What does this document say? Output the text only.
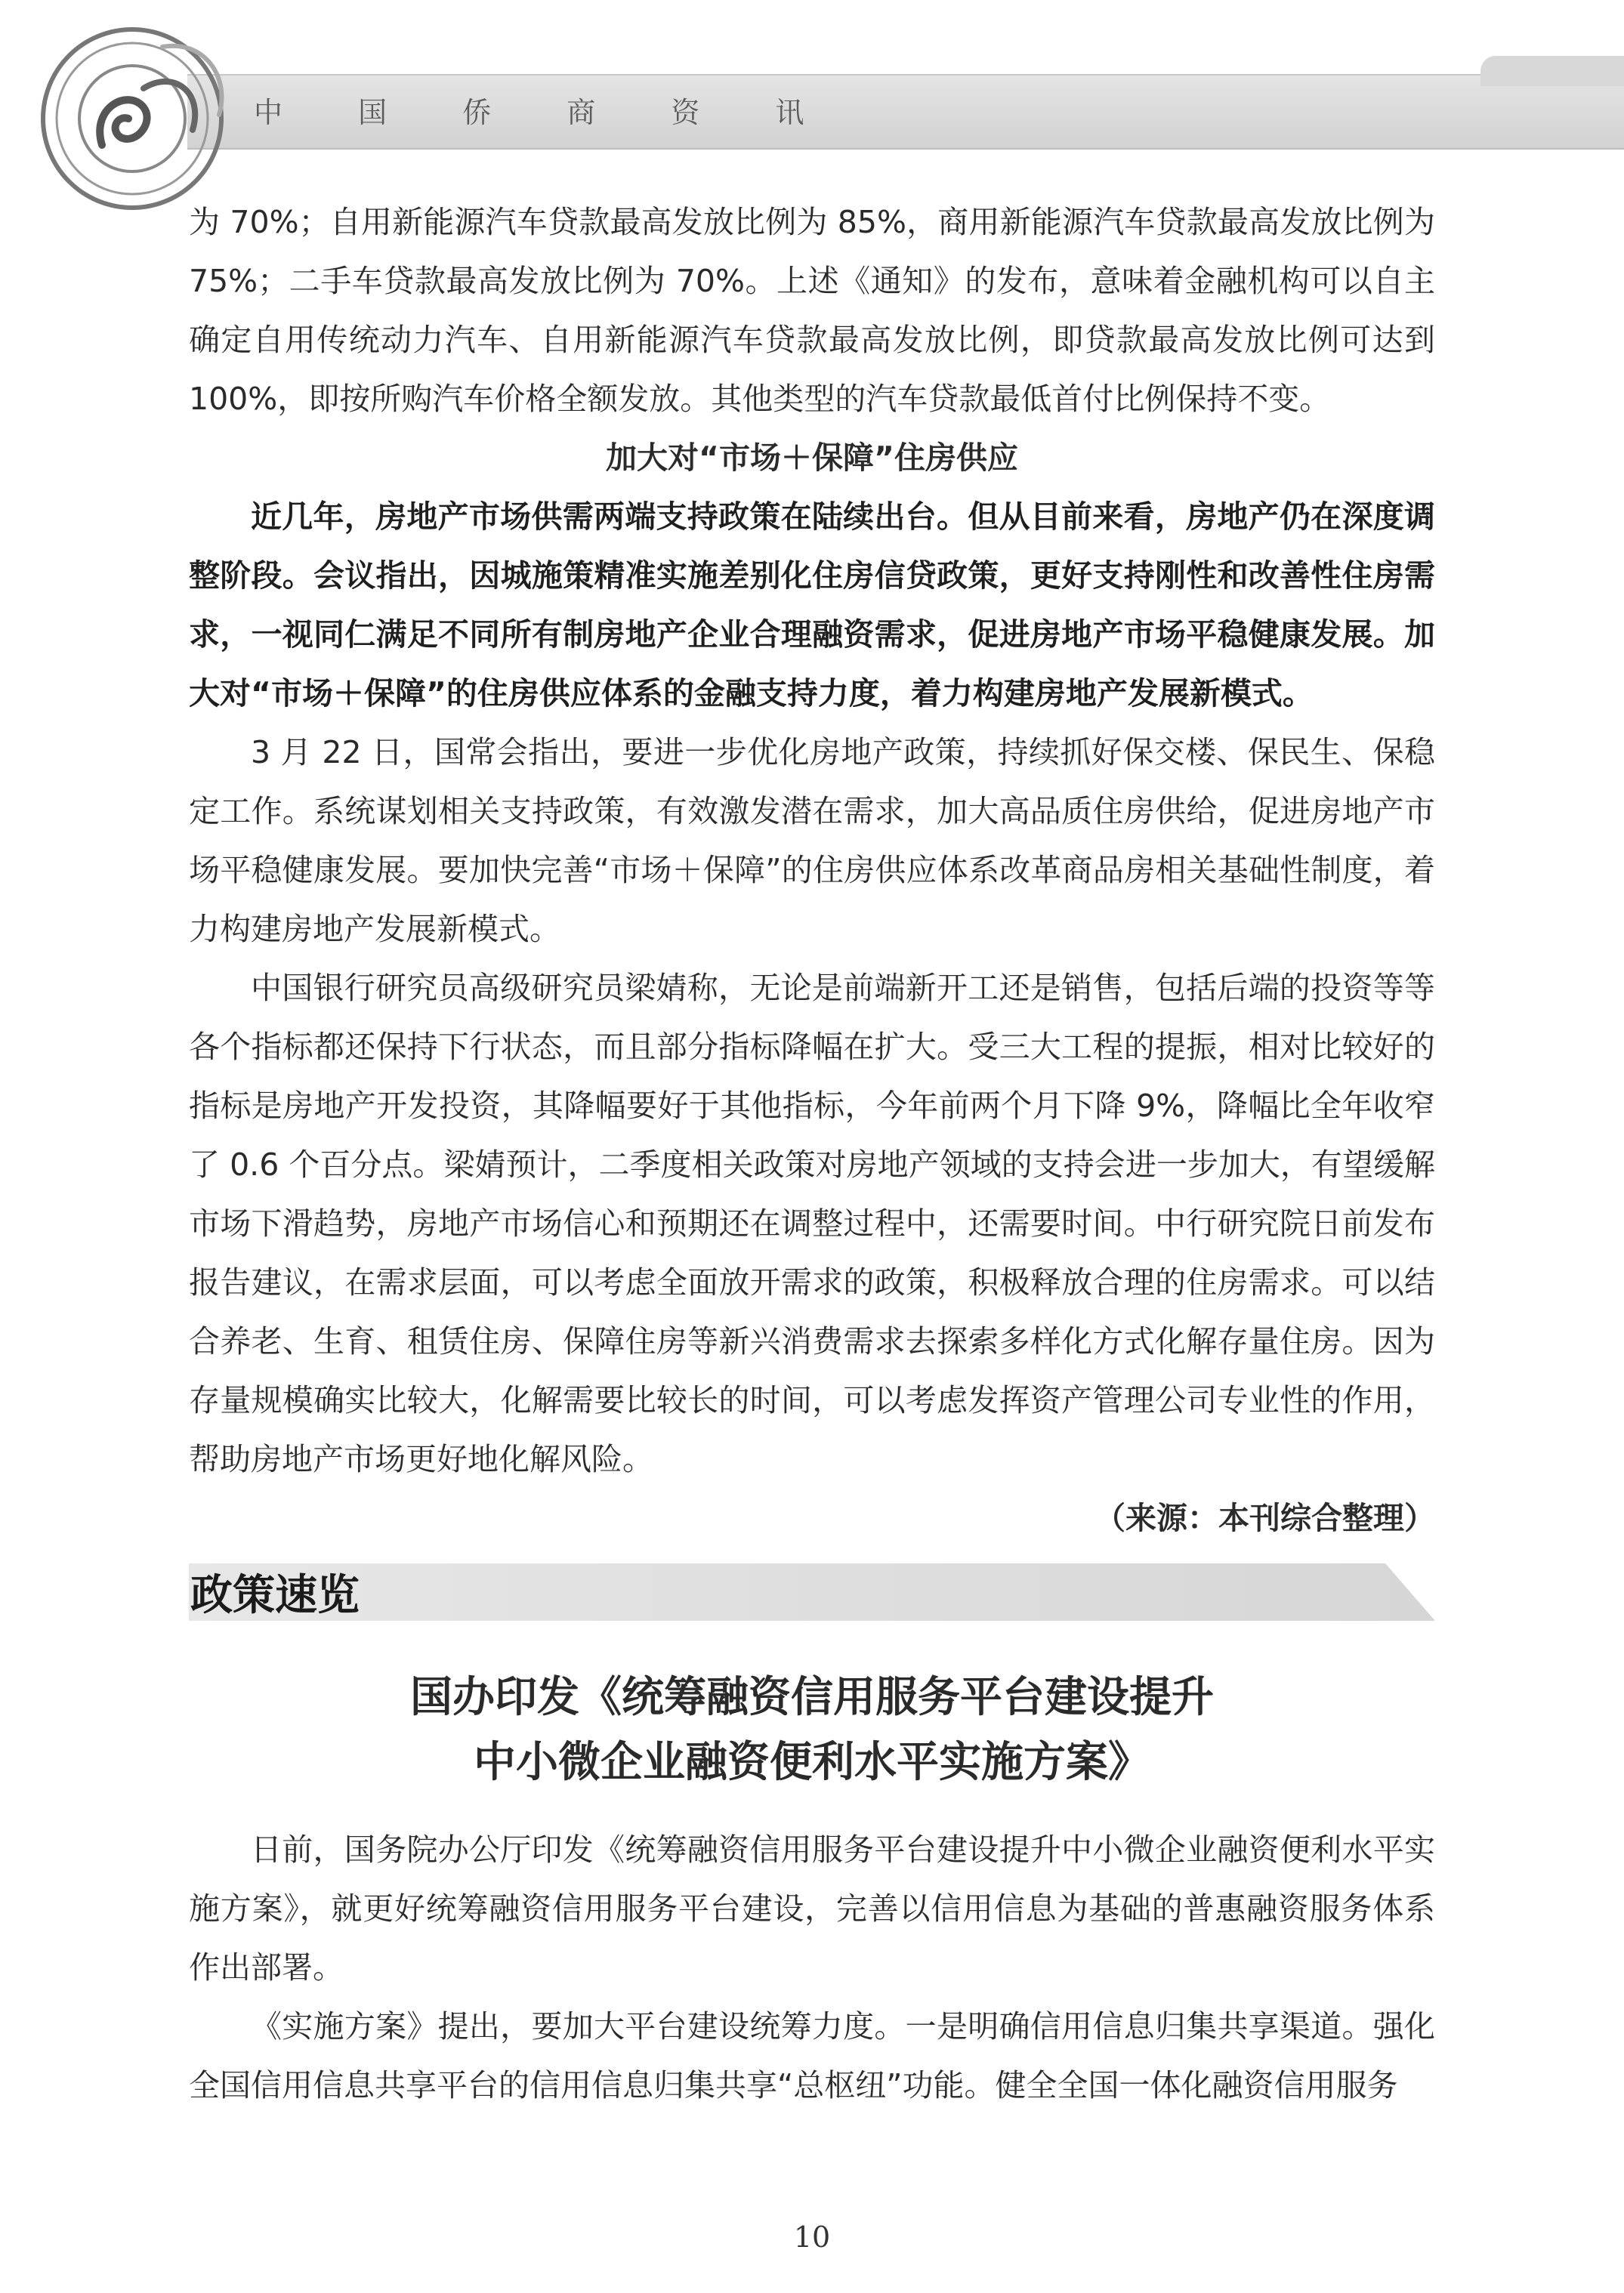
中 国 侨 商 资 讯

为 70%；自用新能源汽车贷款最高发放比例为 85%，商用新能源汽车贷款最高发放比例为 75%；二手车贷款最高发放比例为 70%。上述《通知》的发布，意味着金融机构可以自主确定自用传统动力汽车、自用新能源汽车贷款最高发放比例，即贷款最高发放比例可达到 100%，即按所购汽车价格全额发放。其他类型的汽车贷款最低首付比例保持不变。

加大对“市场＋保障”住房供应

近几年，房地产市场供需两端支持政策在陆续出台。但从目前来看，房地产仍在深度调整阶段。会议指出，因城施策精准实施差别化住房信贷政策，更好支持刚性和改善性住房需求，一视同仁满足不同所有制房地产企业合理融资需求，促进房地产市场平稳健康发展。加大对“市场＋保障”的住房供应体系的金融支持力度，着力构建房地产发展新模式。

3 月 22 日，国常会指出，要进一步优化房地产政策，持续抓好保交楼、保民生、保稳定工作。系统谋划相关支持政策，有效激发潜在需求，加大高品质住房供给，促进房地产市场平稳健康发展。要加快完善“市场＋保障”的住房供应体系改革商品房相关基础性制度，着力构建房地产发展新模式。

中国银行研究员高级研究员梁婧称，无论是前端新开工还是销售，包括后端的投资等等各个指标都还保持下行状态，而且部分指标降幅在扩大。受三大工程的提振，相对比较好的指标是房地产开发投资，其降幅要好于其他指标，今年前两个月下降 9%，降幅比全年收窄了 0.6 个百分点。梁婧预计，二季度相关政策对房地产领域的支持会进一步加大，有望缓解市场下滑趋势，房地产市场信心和预期还在调整过程中，还需要时间。中行研究院日前发布报告建议，在需求层面，可以考虑全面放开需求的政策，积极释放合理的住房需求。可以结合养老、生育、租赁住房、保障住房等新兴消费需求去探索多样化方式化解存量住房。因为存量规模确实比较大，化解需要比较长的时间，可以考虑发挥资产管理公司专业性的作用，帮助房地产市场更好地化解风险。

（来源：本刊综合整理）

政策速览
国办印发《统筹融资信用服务平台建设提升
中小微企业融资便利水平实施方案》

日前，国务院办公厅印发《统筹融资信用服务平台建设提升中小微企业融资便利水平实施方案》，就更好统筹融资信用服务平台建设，完善以信用信息为基础的普惠融资服务体系作出部署。

《实施方案》提出，要加大平台建设统筹力度。一是明确信用信息归集共享渠道。强化全国信用信息共享平台的信用信息归集共享“总枢纽”功能。健全全国一体化融资信用服务

10
